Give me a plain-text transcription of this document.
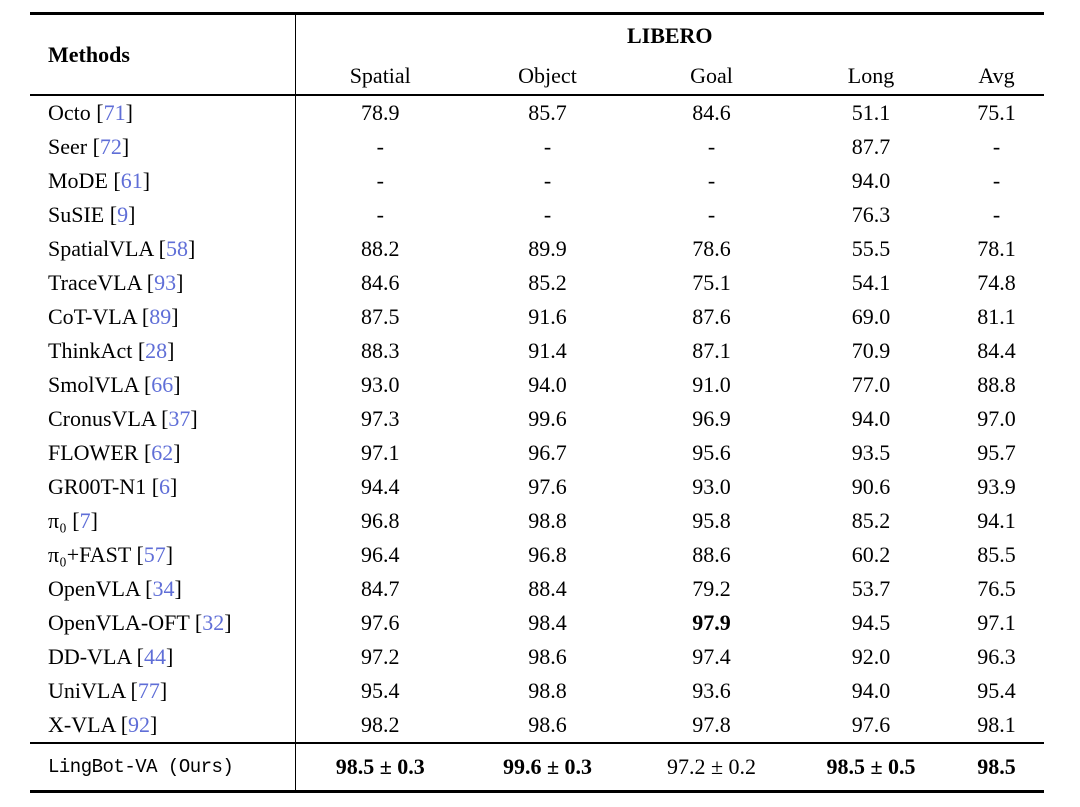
Methods	LIBERO				
	Spatial	Object	Goal	Long	Avg
Octo [71]	78.9	85.7	84.6	51.1	75.1
Seer [72]	-	-	-	87.7	-
MoDE [61]	-	-	-	94.0	-
SuSIE [9]	-	-	-	76.3	-
SpatialVLA [58]	88.2	89.9	78.6	55.5	78.1
TraceVLA [93]	84.6	85.2	75.1	54.1	74.8
CoT-VLA [89]	87.5	91.6	87.6	69.0	81.1
ThinkAct [28]	88.3	91.4	87.1	70.9	84.4
SmolVLA [66]	93.0	94.0	91.0	77.0	88.8
CronusVLA [37]	97.3	99.6	96.9	94.0	97.0
FLOWER [62]	97.1	96.7	95.6	93.5	95.7
GR00T-N1 [6]	94.4	97.6	93.0	90.6	93.9
π₀ [7]	96.8	98.8	95.8	85.2	94.1
π₀+FAST [57]	96.4	96.8	88.6	60.2	85.5
OpenVLA [34]	84.7	88.4	79.2	53.7	76.5
OpenVLA-OFT [32]	97.6	98.4	97.9	94.5	97.1
DD-VLA [44]	97.2	98.6	97.4	92.0	96.3
UniVLA [77]	95.4	98.8	93.6	94.0	95.4
X-VLA [92]	98.2	98.6	97.8	97.6	98.1
LingBot-VA (Ours)	98.5 ± 0.3	99.6 ± 0.3	97.2 ± 0.2	98.5 ± 0.5	98.5
